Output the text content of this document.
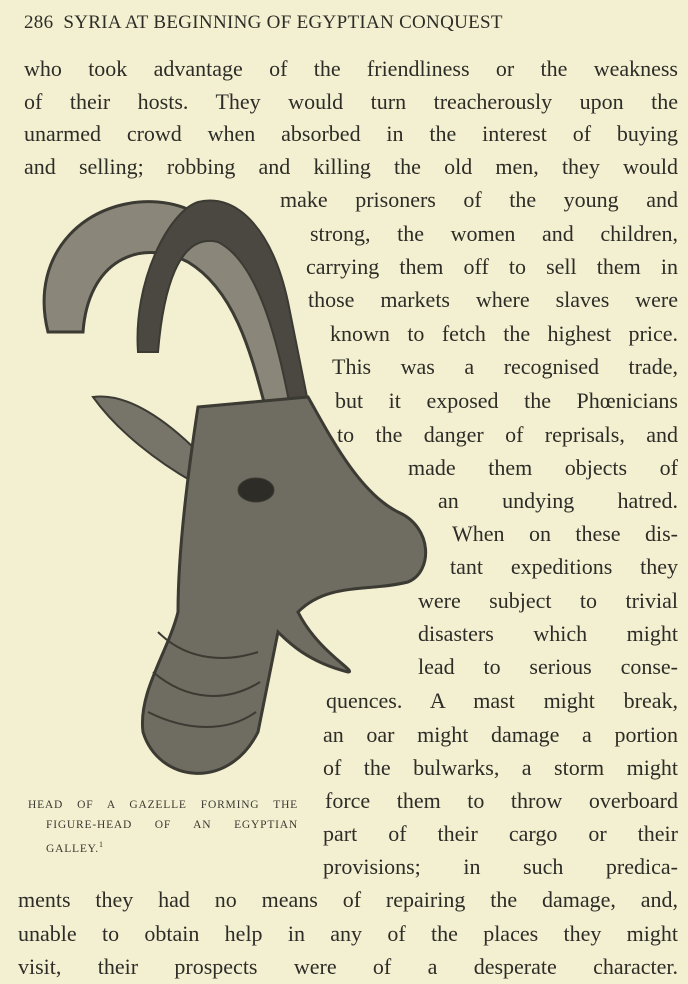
286 SYRIA AT BEGINNING OF EGYPTIAN CONQUEST
who took advantage of the friendliness or the weakness
of their hosts. They would turn treacherously upon the
unarmed crowd when absorbed in the interest of buying
and selling; robbing and killing the old men, they would
make prisoners of the young and
strong, the women and children,
carrying them off to sell them in
those markets where slaves were
known to fetch the highest price.
This was a recognised trade,
but it exposed the Phœnicians
to the danger of reprisals, and
made them objects of
an undying hatred.
When on these dis-
tant expeditions they
were subject to trivial
disasters which might
lead to serious conse-
quences. A mast might break,
an oar might damage a portion
of the bulwarks, a storm might
force them to throw overboard
part of their cargo or their
provisions; in such predica-
ments they had no means of repairing the damage, and,
unable to obtain help in any of the places they might
visit, their prospects were of a desperate character.
HEAD OF A GAZELLE FORMING THE
FIGURE-HEAD OF AN EGYPTIAN
GALLEY.$^1$
